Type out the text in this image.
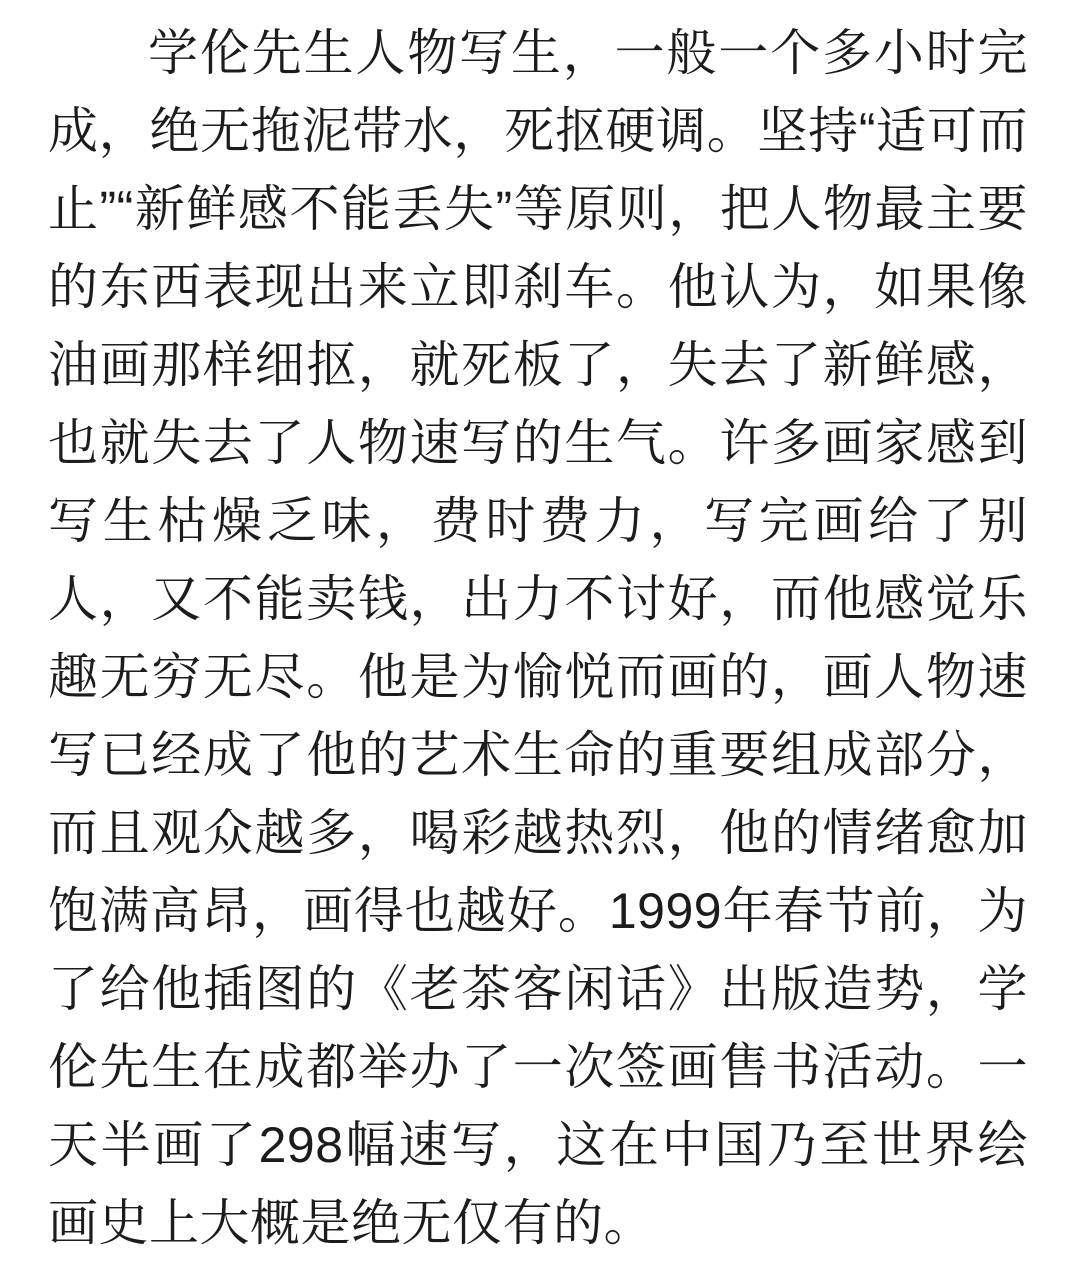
学伦先生人物写生，一般一个多小时完成，绝无拖泥带水，死抠硬调。坚持“适可而止”“新鲜感不能丢失”等原则，把人物最主要的东西表现出来立即刹车。他认为，如果像油画那样细抠，就死板了，失去了新鲜感，也就失去了人物速写的生气。许多画家感到写生枯燥乏味，费时费力，写完画给了别人，又不能卖钱，出力不讨好，而他感觉乐趣无穷无尽。他是为愉悦而画的，画人物速写已经成了他的艺术生命的重要组成部分，而且观众越多，喝彩越热烈，他的情绪愈加饱满高昂，画得也越好。1999年春节前，为了给他插图的《老茶客闲话》出版造势，学伦先生在成都举办了一次签画售书活动。一天半画了298幅速写，这在中国乃至世界绘画史上大概是绝无仅有的。
